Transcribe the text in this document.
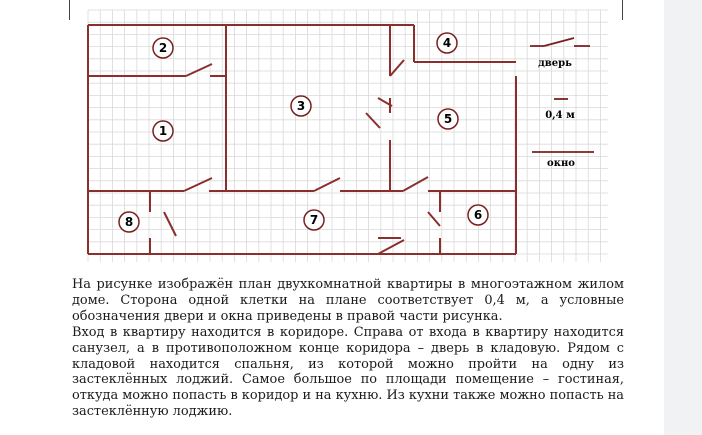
2
1
3
4
5
6
7
8
дверь
0,4 м
окно

На рисунке изображён план двухкомнатной квартиры в многоэтажном жилом доме. Сторона одной клетки на плане соответствует 0,4 м, а условные обозначения двери и окна приведены в правой части рисунка.

Вход в квартиру находится в коридоре. Справа от входа в квартиру находится санузел, а в противоположном конце коридора – дверь в кладовую. Рядом с кладовой находится спальня, из которой можно пройти на одну из застеклённых лоджий. Самое большое по площади помещение – гостиная, откуда можно попасть в коридор и на кухню. Из кухни также можно попасть на застеклённую лоджию.
